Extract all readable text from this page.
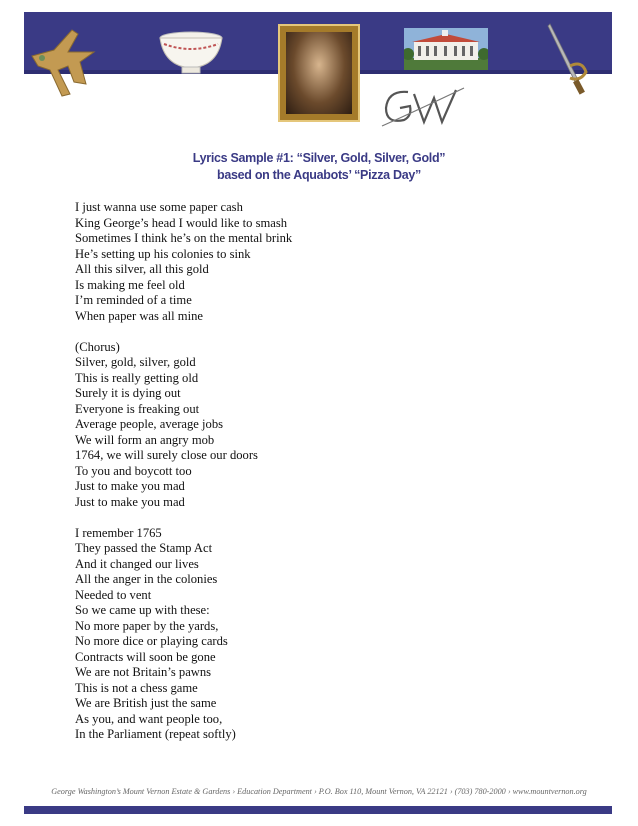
Lyrics Sample #1: “Silver, Gold, Silver, Gold”
based on the Aquabots’ “Pizza Day”
I just wanna use some paper cash
King George’s head I would like to smash
Sometimes I think he’s on the mental brink
He’s setting up his colonies to sink
All this silver, all this gold
Is making me feel old
I’m reminded of a time
When paper was all mine
(Chorus)
Silver, gold, silver, gold
This is really getting old
Surely it is dying out
Everyone is freaking out
Average people, average jobs
We will form an angry mob
1764, we will surely close our doors
To you and boycott too
Just to make you mad
Just to make you mad
I remember 1765
They passed the Stamp Act
And it changed our lives
All the anger in the colonies
Needed to vent
So we came up with these:
No more paper by the yards,
No more dice or playing cards
Contracts will soon be gone
We are not Britain’s pawns
This is not a chess game
We are British just the same
As you, and want people too,
In the Parliament (repeat softly)
George Washington’s Mount Vernon Estate & Gardens › Education Department › P.O. Box 110, Mount Vernon, VA 22121 › (703) 780-2000 › www.mountvernon.org
